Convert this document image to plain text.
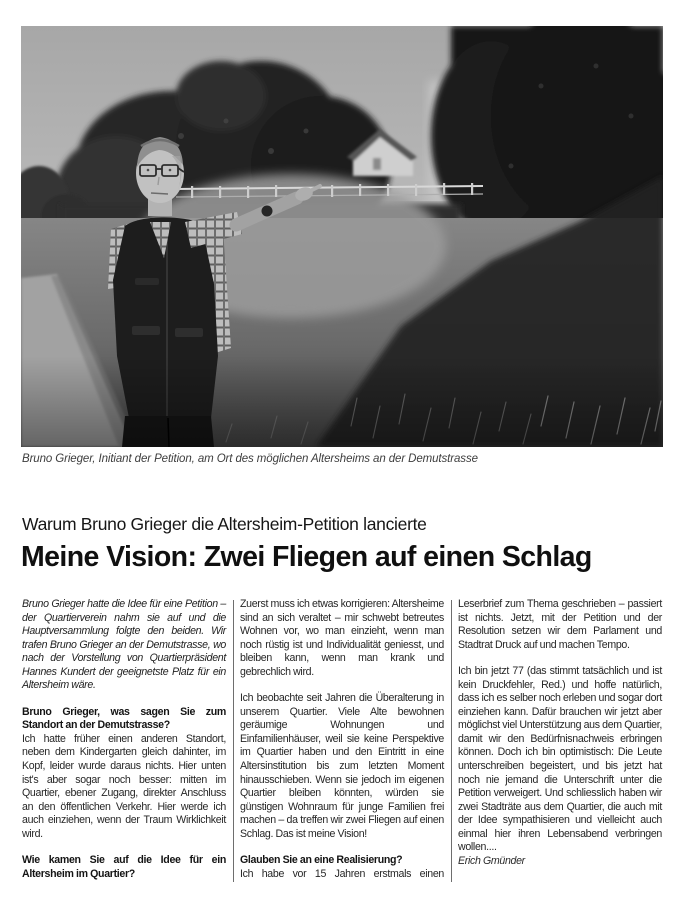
Bruno Grieger, Initiant der Petition, am Ort des möglichen Altersheims an der Demutstrasse

Warum Bruno Grieger die Altersheim-Petition lancierte
Meine Vision: Zwei Fliegen auf einen Schlag

Bruno Grieger hatte die Idee für eine Petition – der Quartierverein nahm sie auf und die Hauptversammlung folgte den beiden. Wir trafen Bruno Grieger an der Demutstrasse, wo nach der Vorstellung von Quartierpräsident Hannes Kundert der geeignetste Platz für ein Altersheim wäre.

Bruno Grieger, was sagen Sie zum Standort an der Demutstrasse?

Ich hatte früher einen anderen Standort, neben dem Kindergarten gleich dahinter, im Kopf, leider wurde daraus nichts. Hier unten ist's aber sogar noch besser: mitten im Quartier, ebener Zugang, direkter Anschluss an den öffentlichen Verkehr. Hier werde ich auch einziehen, wenn der Traum Wirklichkeit wird.

Wie kamen Sie auf die Idee für ein Altersheim im Quartier?

Zuerst muss ich etwas korrigieren: Altersheime sind an sich veraltet – mir schwebt betreutes Wohnen vor, wo man einzieht, wenn man noch rüstig ist und Individualität geniesst, und bleiben kann, wenn man krank und gebrechlich wird.

Ich beobachte seit Jahren die Überalterung in unserem Quartier. Viele Alte bewohnen geräumige Wohnungen und Einfamilienhäuser, weil sie keine Perspektive im Quartier haben und den Eintritt in eine Altersinstitution bis zum letzten Moment hinausschieben. Wenn sie jedoch im eigenen Quartier bleiben könnten, würden sie günstigen Wohnraum für junge Familien frei machen – da treffen wir zwei Fliegen auf einen Schlag. Das ist meine Vision!

Glauben Sie an eine Realisierung?

Ich habe vor 15 Jahren erstmals einen

Leserbrief zum Thema geschrieben – passiert ist nichts. Jetzt, mit der Petition und der Resolution setzen wir dem Parlament und Stadtrat Druck auf und machen Tempo.

Ich bin jetzt 77 (das stimmt tatsächlich und ist kein Druckfehler, Red.) und hoffe natürlich, dass ich es selber noch erleben und sogar dort einziehen kann. Dafür brauchen wir jetzt aber möglichst viel Unterstützung aus dem Quartier, damit wir den Bedürfnisnachweis erbringen können. Doch ich bin optimistisch: Die Leute unterschreiben begeistert, und bis jetzt hat noch nie jemand die Unterschrift unter die Petition verweigert. Und schliesslich haben wir zwei Stadträte aus dem Quartier, die auch mit der Idee sympathisieren und vielleicht auch einmal hier ihren Lebensabend verbringen wollen....

Erich Gmünder
